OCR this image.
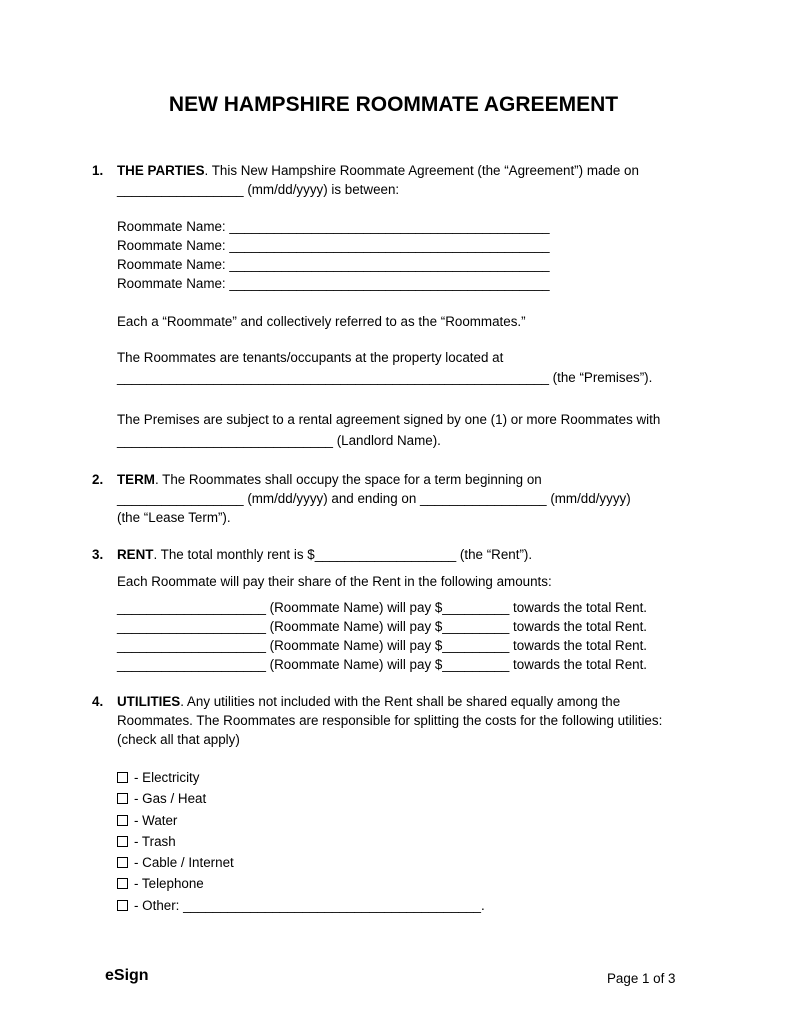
NEW HAMPSHIRE ROOMMATE AGREEMENT
1. THE PARTIES. This New Hampshire Roommate Agreement (the “Agreement”) made on
_________________ (mm/dd/yyyy) is between:
Roommate Name: ___________________________________________
Roommate Name: ___________________________________________
Roommate Name: ___________________________________________
Roommate Name: ___________________________________________
Each a “Roommate” and collectively referred to as the “Roommates.”
The Roommates are tenants/occupants at the property located at
__________________________________________________________ (the “Premises”).
The Premises are subject to a rental agreement signed by one (1) or more Roommates with
_____________________________ (Landlord Name).
2. TERM. The Roommates shall occupy the space for a term beginning on
_________________ (mm/dd/yyyy) and ending on _________________ (mm/dd/yyyy)
(the “Lease Term”).
3. RENT. The total monthly rent is $___________________ (the “Rent”).
Each Roommate will pay their share of the Rent in the following amounts:
____________________ (Roommate Name) will pay $_________ towards the total Rent.
____________________ (Roommate Name) will pay $_________ towards the total Rent.
____________________ (Roommate Name) will pay $_________ towards the total Rent.
____________________ (Roommate Name) will pay $_________ towards the total Rent.
4. UTILITIES. Any utilities not included with the Rent shall be shared equally among the
Roommates. The Roommates are responsible for splitting the costs for the following utilities:
(check all that apply)
- Electricity
- Gas / Heat
- Water
- Trash
- Cable / Internet
- Telephone
- Other: ________________________________________.
eSign	Page 1 of 3
